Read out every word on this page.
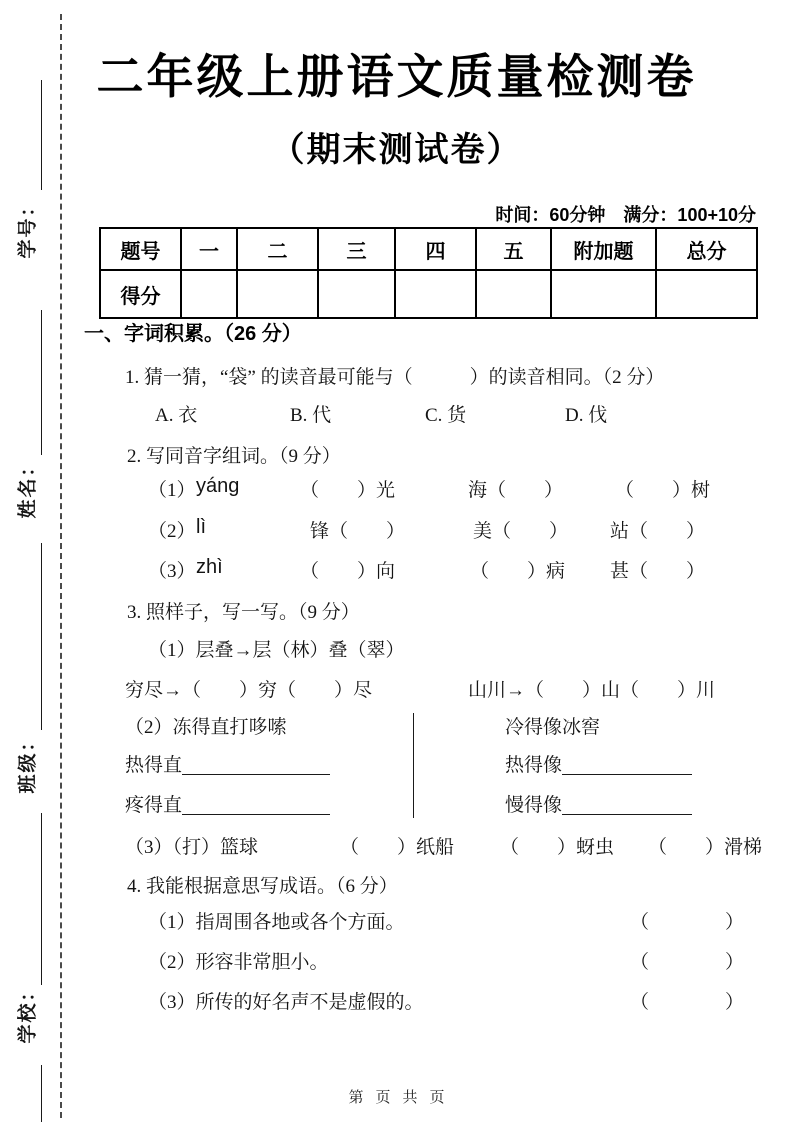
学号：
姓名：
班级：
学校：
二年级上册语文质量检测卷
（期末测试卷）
时间：60分钟　满分：100+10分
题号	一	二	三	四	五	附加题	总分
得分							
一、字词积累。（26 分）
1. 猜一猜，“袋” 的读音最可能与（　　　）的读音相同。（2 分）
A. 衣	B. 代	C. 货	D. 伐
2. 写同音字组词。（9 分）
（1） yáng	（　　）光	海（　　）	（　　）树
（2） lì	锋（　　）	美（　　） 站（　　）
（3） zhì	（　　）向	（　　）病 甚（　　）
3. 照样子，写一写。（9 分）
（1）层叠→层（林）叠（翠）
穷尽→（　　）穷（　　）尽	山川→（　　）山（　　）川
（2）冻得直打哆嗦	冷得像冰窖
热得直	热得像
疼得直	慢得像
（3）（打）篮球	（　　）纸船 （　　）蚜虫 （　　）滑梯
4. 我能根据意思写成语。（6 分）
（1）指周围各地或各个方面。	（　　　　）
（2）形容非常胆小。	（　　　　）
（3）所传的好名声不是虚假的。	（　　　　）
第页共页
